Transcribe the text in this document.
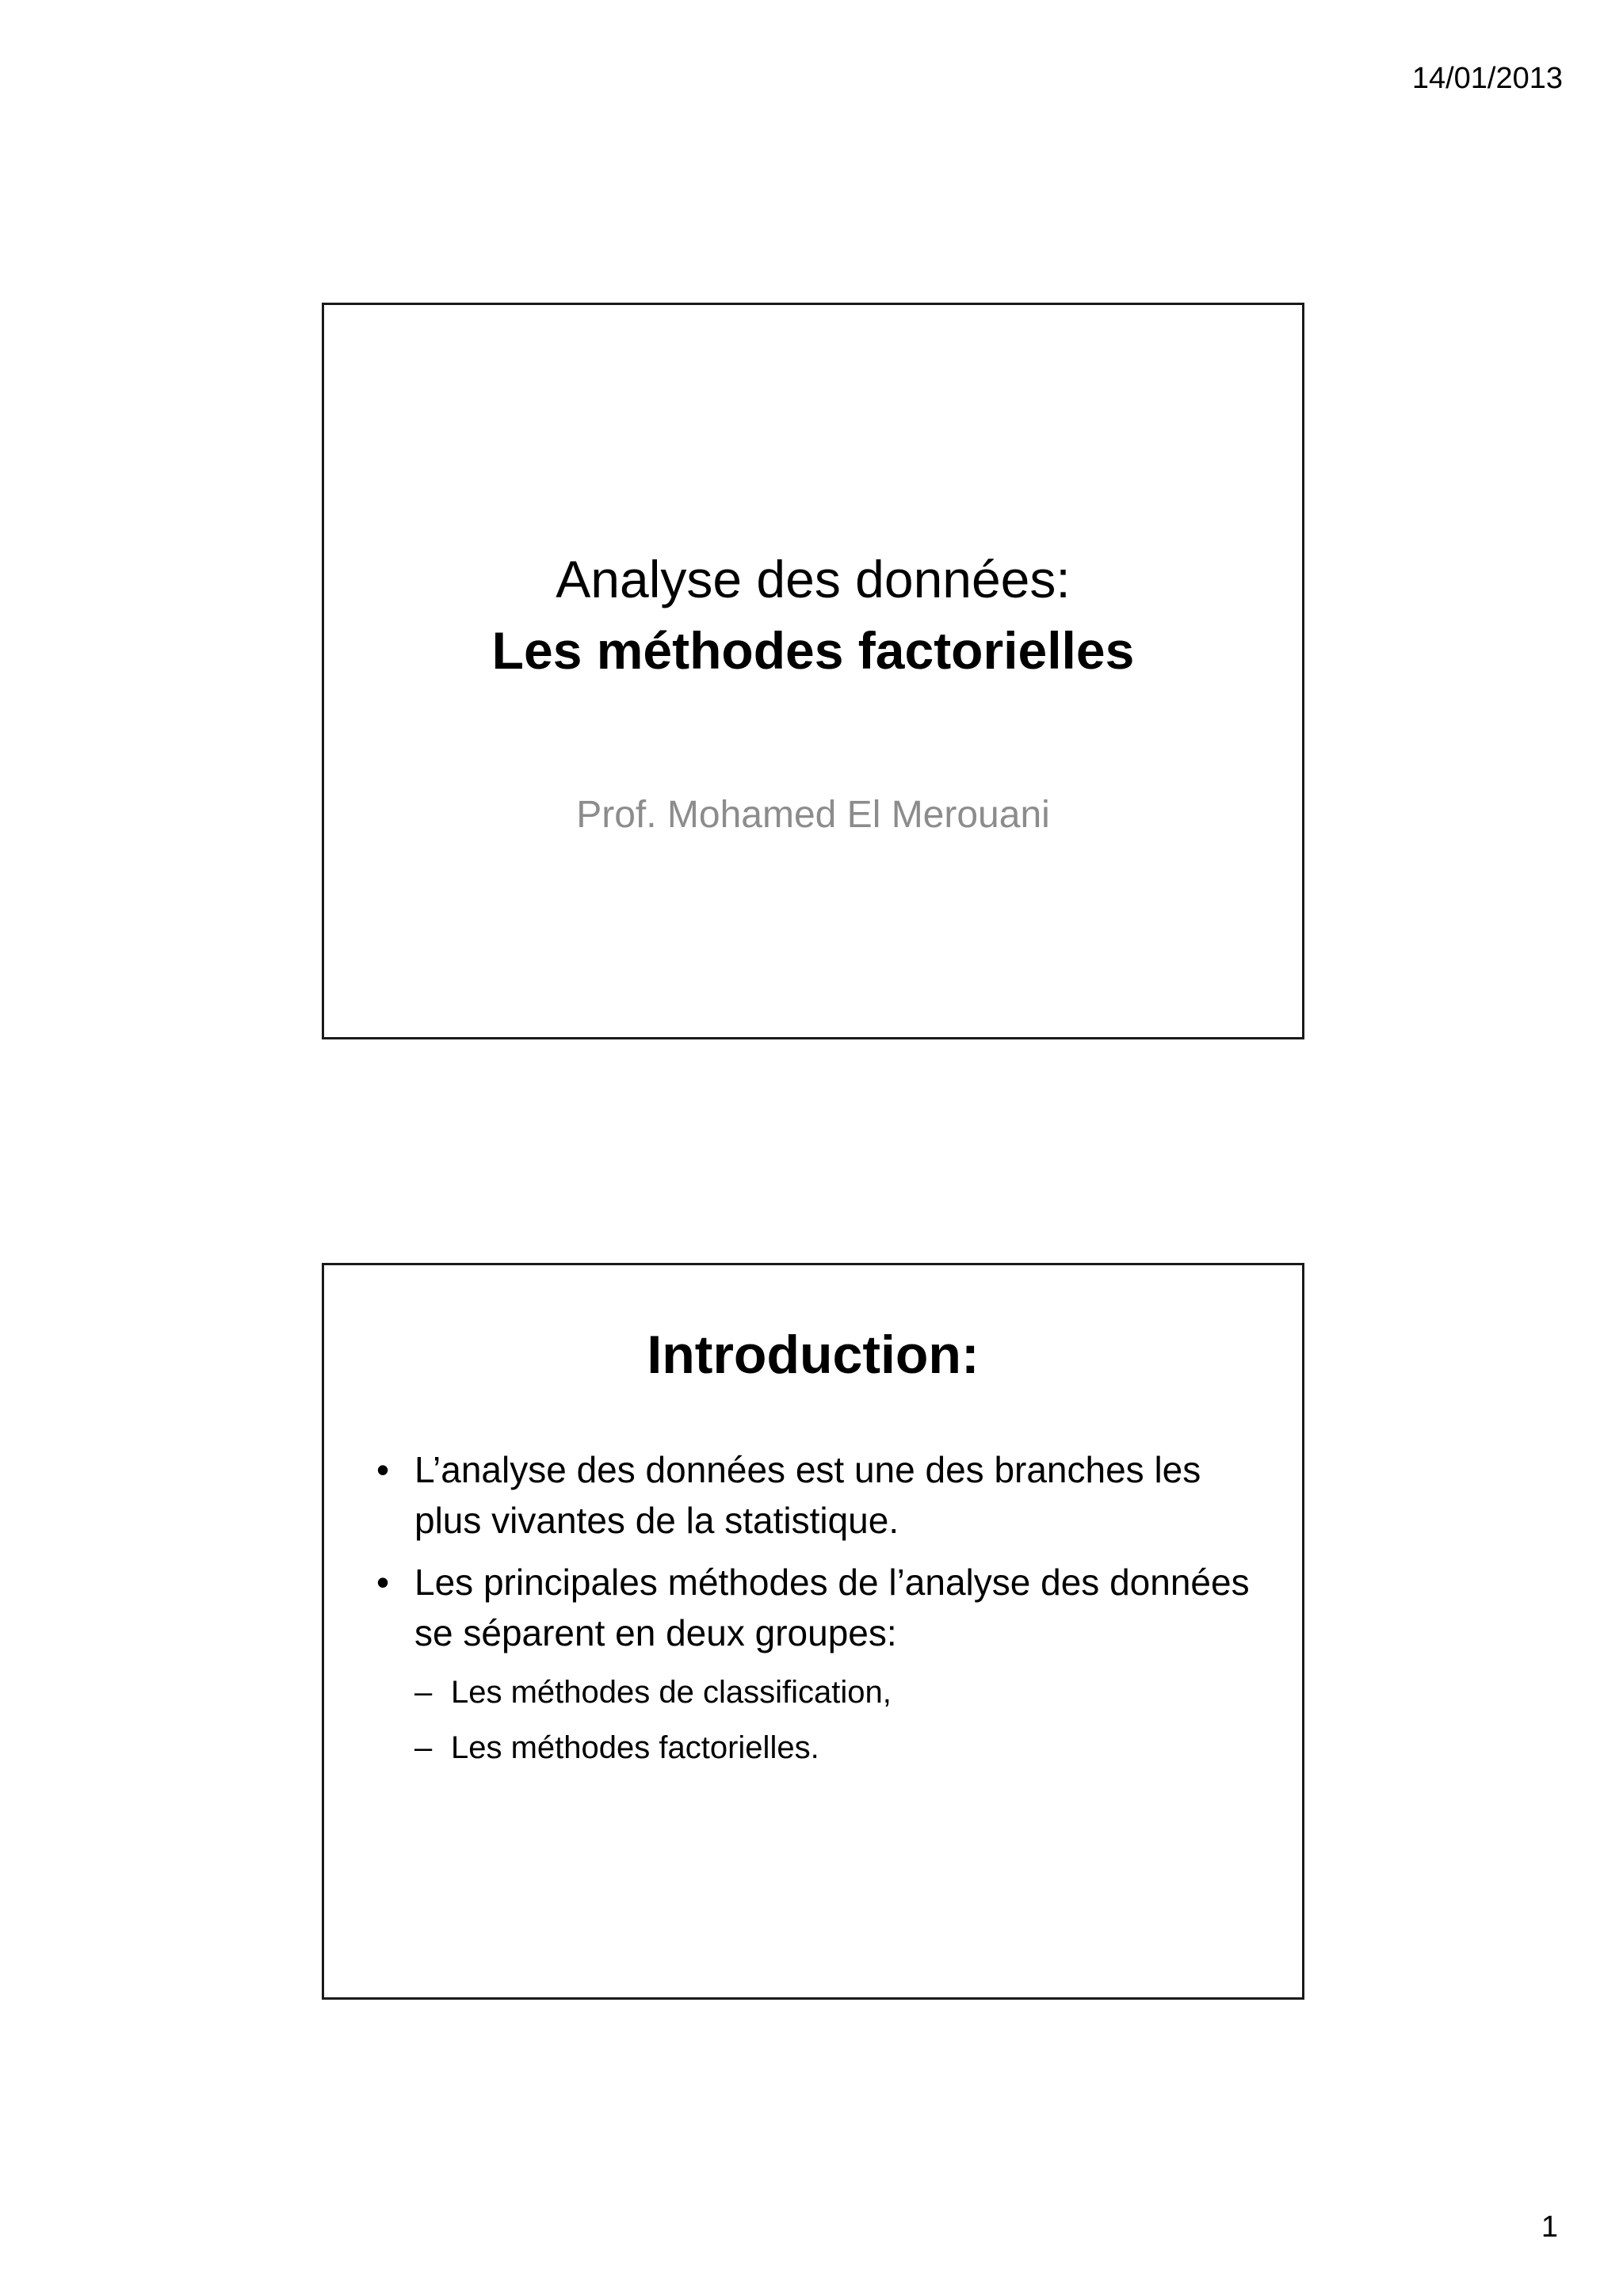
14/01/2013
Analyse des données:
Les méthodes factorielles
Prof. Mohamed El Merouani
Introduction:
• L’analyse des données est une des branches les plus vivantes de la statistique.
• Les principales méthodes de l’analyse des données se séparent en deux groupes:
– Les méthodes de classification,
– Les méthodes factorielles.
1
